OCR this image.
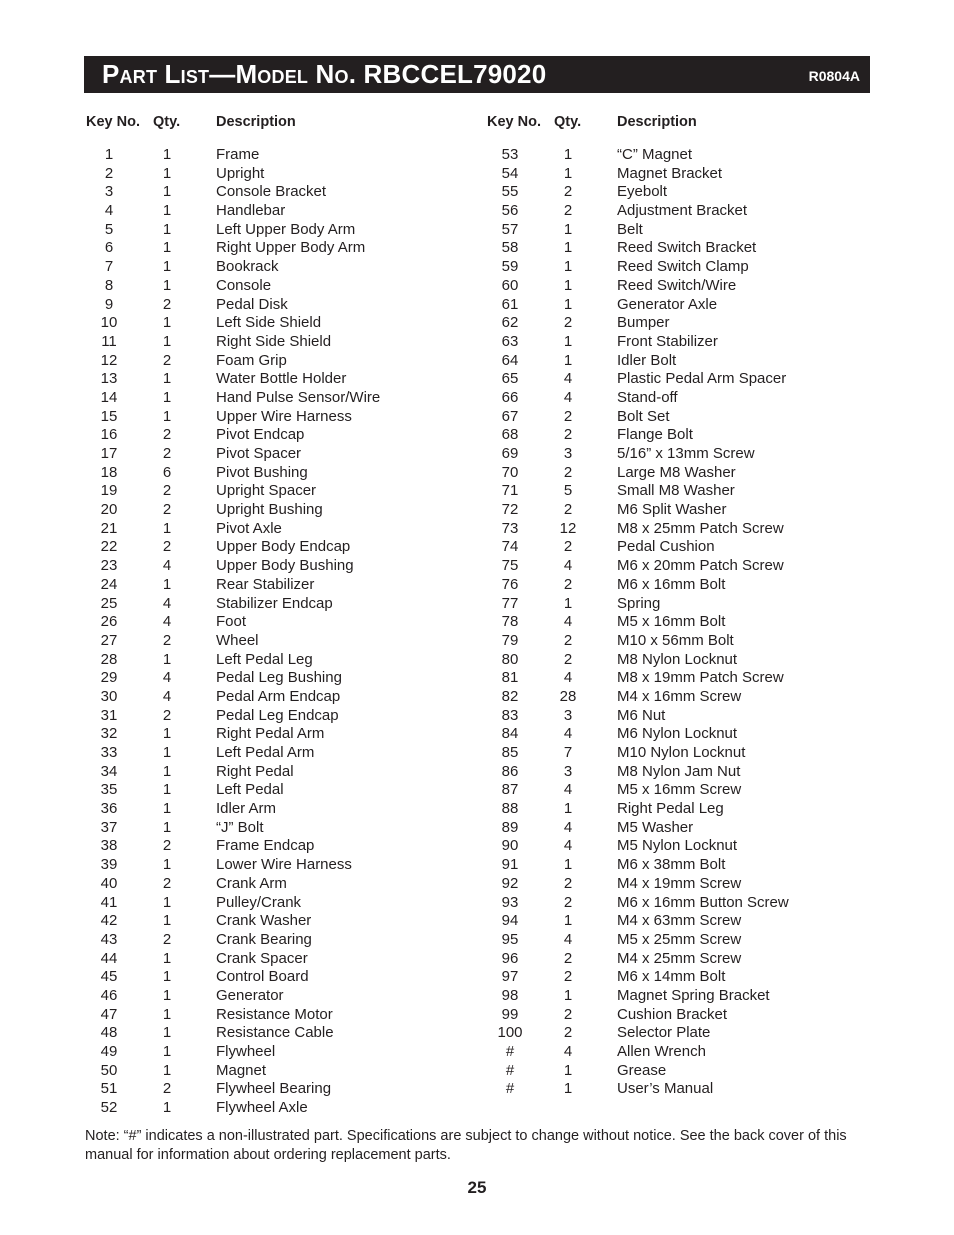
Part List—Model No. RBCCEL79020	R0804A
Key No. Qty. Description	Key No. Qty. Description
1	1	Frame
2	1	Upright
3	1	Console Bracket
4	1	Handlebar
5	1	Left Upper Body Arm
6	1	Right Upper Body Arm
7	1	Bookrack
8	1	Console
9	2	Pedal Disk
10	1	Left Side Shield
11	1	Right Side Shield
12	2	Foam Grip
13	1	Water Bottle Holder
14	1	Hand Pulse Sensor/Wire
15	1	Upper Wire Harness
16	2	Pivot Endcap
17	2	Pivot Spacer
18	6	Pivot Bushing
19	2	Upright Spacer
20	2	Upright Bushing
21	1	Pivot Axle
22	2	Upper Body Endcap
23	4	Upper Body Bushing
24	1	Rear Stabilizer
25	4	Stabilizer Endcap
26	4	Foot
27	2	Wheel
28	1	Left Pedal Leg
29	4	Pedal Leg Bushing
30	4	Pedal Arm Endcap
31	2	Pedal Leg Endcap
32	1	Right Pedal Arm
33	1	Left Pedal Arm
34	1	Right Pedal
35	1	Left Pedal
36	1	Idler Arm
37	1	“J” Bolt
38	2	Frame Endcap
39	1	Lower Wire Harness
40	2	Crank Arm
41	1	Pulley/Crank
42	1	Crank Washer
43	2	Crank Bearing
44	1	Crank Spacer
45	1	Control Board
46	1	Generator
47	1	Resistance Motor
48	1	Resistance Cable
49	1	Flywheel
50	1	Magnet
51	2	Flywheel Bearing
52	1	Flywheel Axle
53	1	“C” Magnet
54	1	Magnet Bracket
55	2	Eyebolt
56	2	Adjustment Bracket
57	1	Belt
58	1	Reed Switch Bracket
59	1	Reed Switch Clamp
60	1	Reed Switch/Wire
61	1	Generator Axle
62	2	Bumper
63	1	Front Stabilizer
64	1	Idler Bolt
65	4	Plastic Pedal Arm Spacer
66	4	Stand-off
67	2	Bolt Set
68	2	Flange Bolt
69	3	5/16” x 13mm Screw
70	2	Large M8 Washer
71	5	Small M8 Washer
72	2	M6 Split Washer
73	12	M8 x 25mm Patch Screw
74	2	Pedal Cushion
75	4	M6 x 20mm Patch Screw
76	2	M6 x 16mm Bolt
77	1	Spring
78	4	M5 x 16mm Bolt
79	2	M10 x 56mm Bolt
80	2	M8 Nylon Locknut
81	4	M8 x 19mm Patch Screw
82	28	M4 x 16mm Screw
83	3	M6 Nut
84	4	M6 Nylon Locknut
85	7	M10 Nylon Locknut
86	3	M8 Nylon Jam Nut
87	4	M5 x 16mm Screw
88	1	Right Pedal Leg
89	4	M5 Washer
90	4	M5 Nylon Locknut
91	1	M6 x 38mm Bolt
92	2	M4 x 19mm Screw
93	2	M6 x 16mm Button Screw
94	1	M4 x 63mm Screw
95	4	M5 x 25mm Screw
96	2	M4 x 25mm Screw
97	2	M6 x 14mm Bolt
98	1	Magnet Spring Bracket
99	2	Cushion Bracket
100	2	Selector Plate
#	4	Allen Wrench
#	1	Grease
#	1	User’s Manual
Note: “#” indicates a non-illustrated part. Specifications are subject to change without notice. See the back cover of this manual for information about ordering replacement parts.
25
